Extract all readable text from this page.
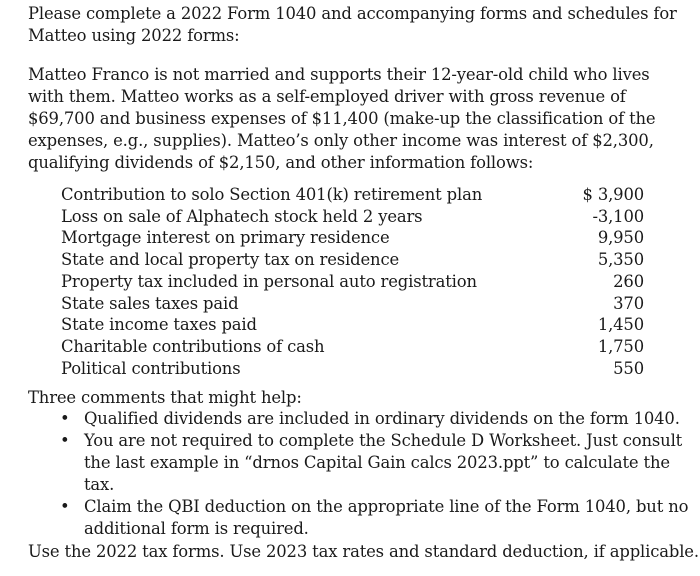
Please complete a 2022 Form 1040 and accompanying forms and schedules for Matteo using 2022 forms:

Matteo Franco is not married and supports their 12-year-old child who lives with them. Matteo works as a self-employed driver with gross revenue of $69,700 and business expenses of $11,400 (make-up the classification of the expenses, e.g., supplies). Matteo’s only other income was interest of $2,300, qualifying dividends of $2,150, and other information follows:

Contribution to solo Section 401(k) retirement plan	$ 3,900
Loss on sale of Alphatech stock held 2 years	-3,100
Mortgage interest on primary residence	9,950
State and local property tax on residence	5,350
Property tax included in personal auto registration	260
State sales taxes paid	370
State income taxes paid	1,450
Charitable contributions of cash	1,750
Political contributions	550

Three comments that might help:

• Qualified dividends are included in ordinary dividends on the form 1040.
• You are not required to complete the Schedule D Worksheet. Just consult the last example in “drnos Capital Gain calcs 2023.ppt” to calculate the tax.
• Claim the QBI deduction on the appropriate line of the Form 1040, but no additional form is required.

Use the 2022 tax forms. Use 2023 tax rates and standard deduction, if applicable.
